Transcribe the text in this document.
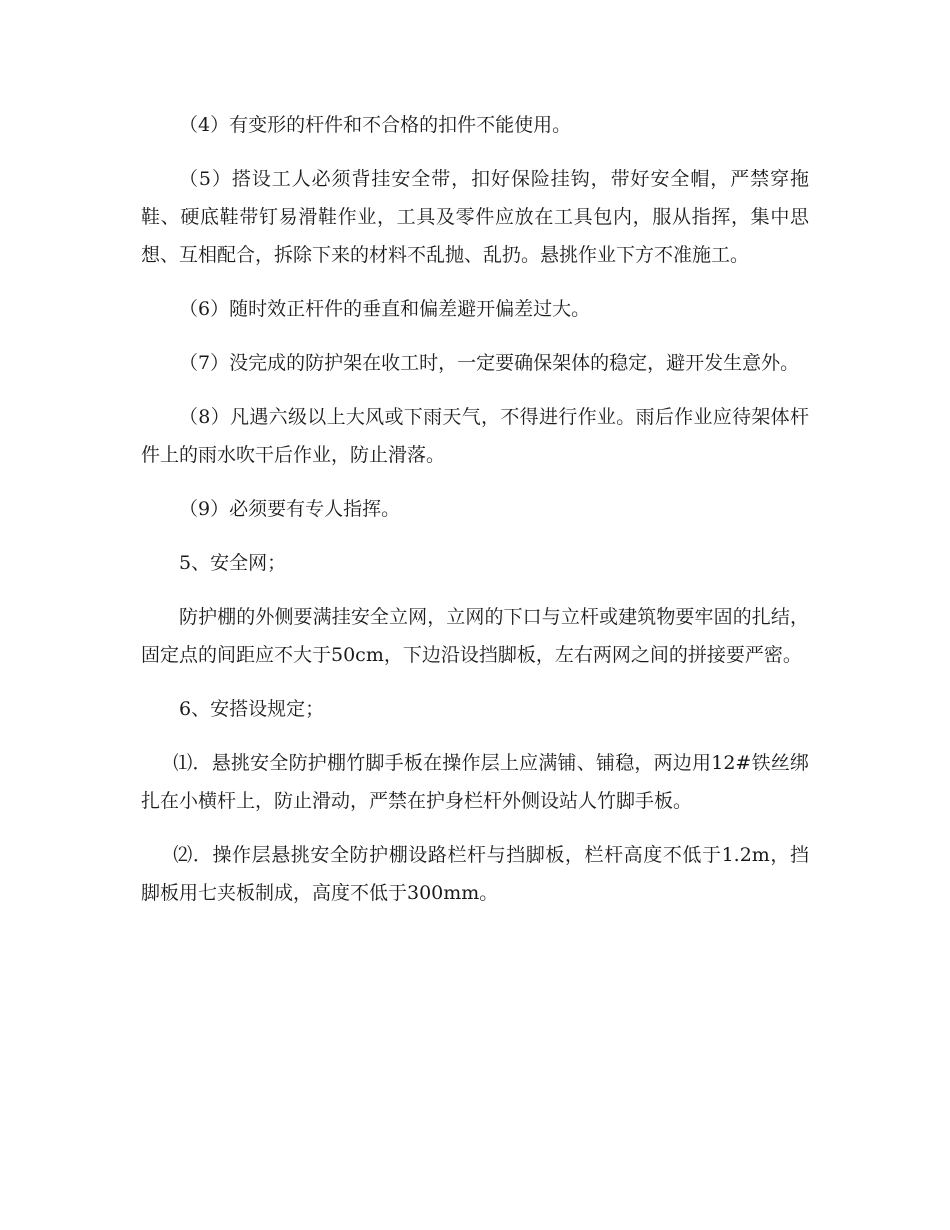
（4）有变形的杆件和不合格的扣件不能使用。

（5）搭设工人必须背挂安全带，扣好保险挂钩，带好安全帽，严禁穿拖鞋、硬底鞋带钉易滑鞋作业，工具及零件应放在工具包内，服从指挥，集中思想、互相配合，拆除下来的材料不乱抛、乱扔。悬挑作业下方不准施工。

（6）随时效正杆件的垂直和偏差避开偏差过大。

（7）没完成的防护架在收工时，一定要确保架体的稳定，避开发生意外。

（8）凡遇六级以上大风或下雨天气，不得进行作业。雨后作业应待架体杆件上的雨水吹干后作业，防止滑落。

（9）必须要有专人指挥。

5、安全网；

防护棚的外侧要满挂安全立网，立网的下口与立杆或建筑物要牢固的扎结，固定点的间距应不大于50cm，下边沿设挡脚板，左右两网之间的拼接要严密。

6、安搭设规定；

⑴．悬挑安全防护棚竹脚手板在操作层上应满铺、铺稳，两边用12#铁丝绑扎在小横杆上，防止滑动，严禁在护身栏杆外侧设站人竹脚手板。

⑵．操作层悬挑安全防护棚设路栏杆与挡脚板，栏杆高度不低于1.2m，挡脚板用七夹板制成，高度不低于300mm。
